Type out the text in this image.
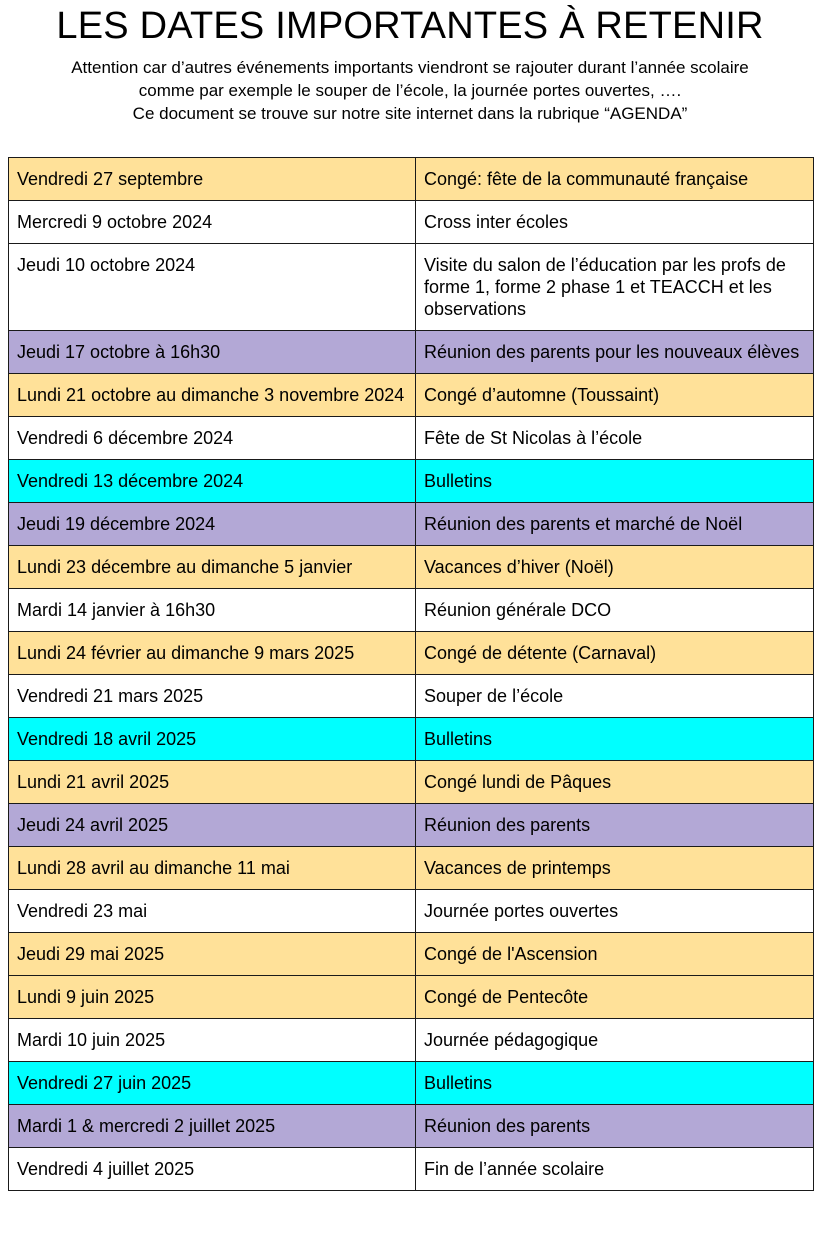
LES DATES IMPORTANTES À RETENIR
Attention car d’autres événements importants viendront se rajouter durant l’année scolaire
comme par exemple le souper de l’école, la journée portes ouvertes, ….
Ce document se trouve sur notre site internet dans la rubrique “AGENDA”
Vendredi 27 septembre	Congé: fête de la communauté française
Mercredi 9 octobre 2024	Cross inter écoles
Jeudi 10 octobre 2024	Visite du salon de l’éducation par les profs de forme 1, forme 2 phase 1 et TEACCH et les observations
Jeudi 17 octobre à 16h30	Réunion des parents pour les nouveaux élèves
Lundi 21 octobre au dimanche 3 novembre 2024	Congé d’automne (Toussaint)
Vendredi 6 décembre 2024	Fête de St Nicolas à l’école
Vendredi 13 décembre 2024	Bulletins
Jeudi 19 décembre 2024	Réunion des parents et marché de Noël
Lundi 23 décembre au dimanche 5 janvier	Vacances d’hiver (Noël)
Mardi 14 janvier à 16h30	Réunion générale DCO
Lundi 24 février au dimanche 9 mars 2025	Congé de détente (Carnaval)
Vendredi 21 mars 2025	Souper de l’école
Vendredi 18 avril 2025	Bulletins
Lundi 21 avril 2025	Congé lundi de Pâques
Jeudi 24 avril 2025	Réunion des parents
Lundi 28 avril au dimanche 11 mai	Vacances de printemps
Vendredi 23 mai	Journée portes ouvertes
Jeudi 29 mai 2025	Congé de l'Ascension
Lundi 9 juin 2025	Congé de Pentecôte
Mardi 10 juin 2025	Journée pédagogique
Vendredi 27 juin 2025	Bulletins
Mardi 1 & mercredi 2 juillet 2025	Réunion des parents
Vendredi 4 juillet 2025	Fin de l’année scolaire
